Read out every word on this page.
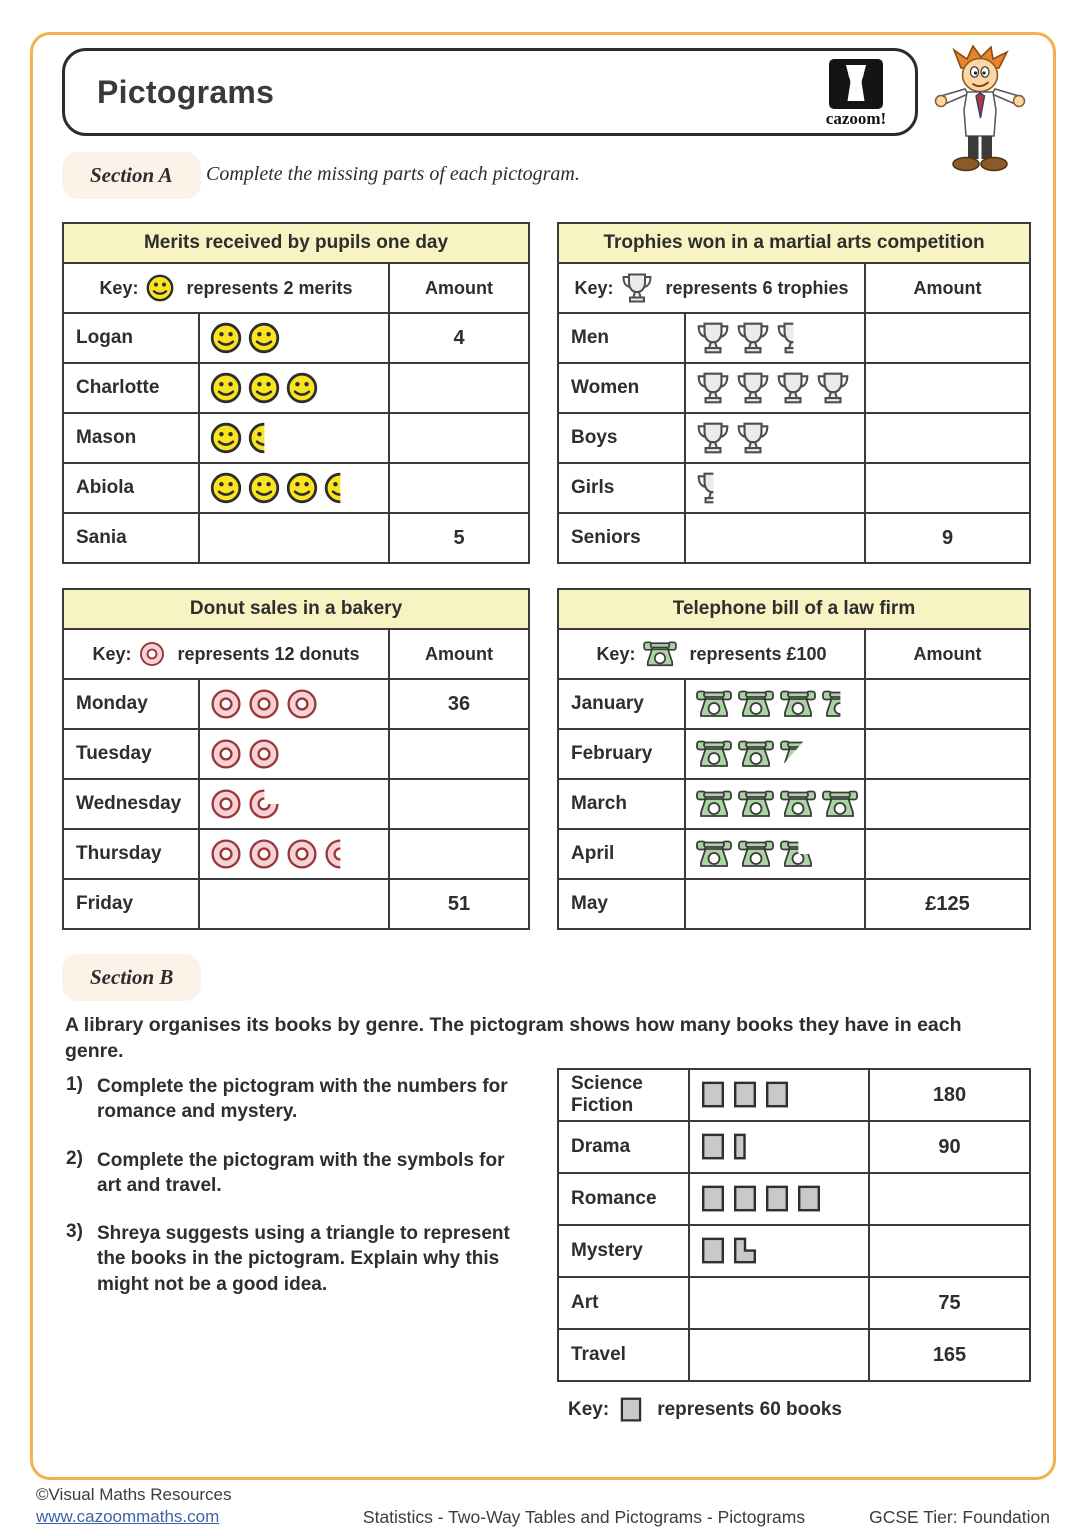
Pictograms
cazoom!
Section A	Complete the missing parts of each pictogram.
Merits received by pupils one day		

Key: represents 2 merits		Amount
Logan		4
Charlotte	

Mason	

Abiola	

Sania		5
Trophies won in a martial arts competition		

Key: represents 6 trophies		Amount
Men	

Women	

Boys	

Girls	

Seniors		9
Donut sales in a bakery		

Key: represents 12 donuts		Amount
Monday		36
Tuesday	

Wednesday	

Thursday	

Friday		51
Telephone bill of a law firm		

Key: represents £100		Amount
January	

February	

March	

April	

May		£125
Section B
A library organises its books by genre. The pictogram shows how many books they have in each genre.
1) Complete the pictogram with the numbers for romance and mystery.
2) Complete the pictogram with the symbols for art and travel.
3) Shreya suggests using a triangle to represent the books in the pictogram. Explain why this might not be a good idea.
Science Fiction		180
Drama		90
Romance	

Mystery	

Art		75
Travel		165
Key:	represents 60 books
©Visual Maths Resources
www.cazoommaths.com	Statistics - Two-Way Tables and Pictograms - Pictograms	GCSE Tier: Foundation
